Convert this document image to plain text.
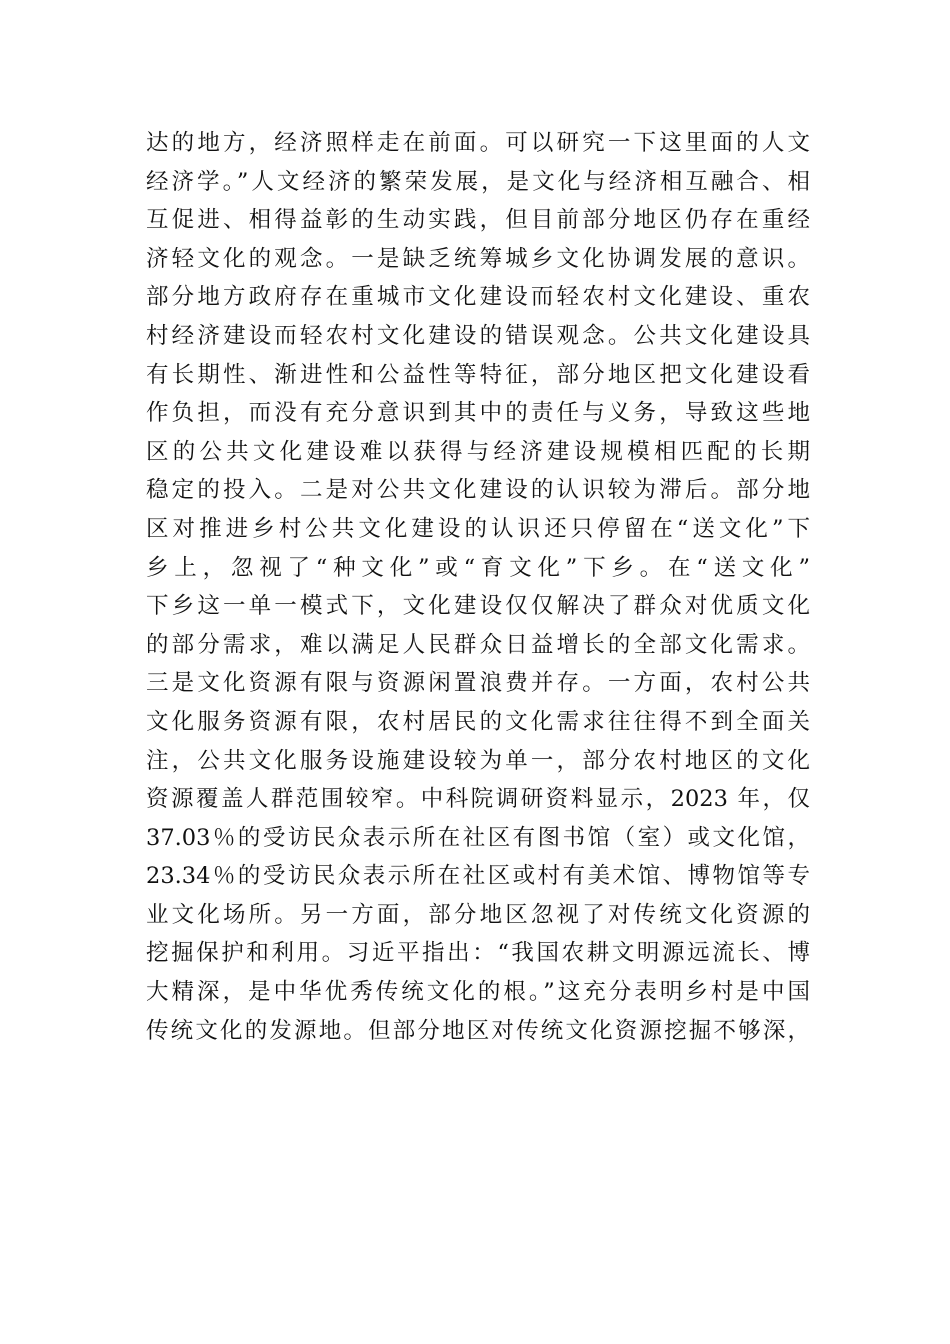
达的地方，经济照样走在前面。可以研究一下这里面的人文
经济学。”人文经济的繁荣发展，是文化与经济相互融合、相
互促进、相得益彰的生动实践，但目前部分地区仍存在重经
济轻文化的观念。一是缺乏统筹城乡文化协调发展的意识。
部分地方政府存在重城市文化建设而轻农村文化建设、重农
村经济建设而轻农村文化建设的错误观念。公共文化建设具
有长期性、渐进性和公益性等特征，部分地区把文化建设看
作负担，而没有充分意识到其中的责任与义务，导致这些地
区的公共文化建设难以获得与经济建设规模相匹配的长期
稳定的投入。二是对公共文化建设的认识较为滞后。部分地
区对推进乡村公共文化建设的认识还只停留在“送文化”下
乡上，忽视了“种文化”或“育文化”下乡。在“送文化”
下乡这一单一模式下，文化建设仅仅解决了群众对优质文化
的部分需求，难以满足人民群众日益增长的全部文化需求。
三是文化资源有限与资源闲置浪费并存。一方面，农村公共
文化服务资源有限，农村居民的文化需求往往得不到全面关
注，公共文化服务设施建设较为单一，部分农村地区的文化
资源覆盖人群范围较窄。中科院调研资料显示，2023 年，仅
37.03％的受访民众表示所在社区有图书馆（室）或文化馆，
23.34％的受访民众表示所在社区或村有美术馆、博物馆等专
业文化场所。另一方面，部分地区忽视了对传统文化资源的
挖掘保护和利用。习近平指出：“我国农耕文明源远流长、博
大精深，是中华优秀传统文化的根。”这充分表明乡村是中国
传统文化的发源地。但部分地区对传统文化资源挖掘不够深，
